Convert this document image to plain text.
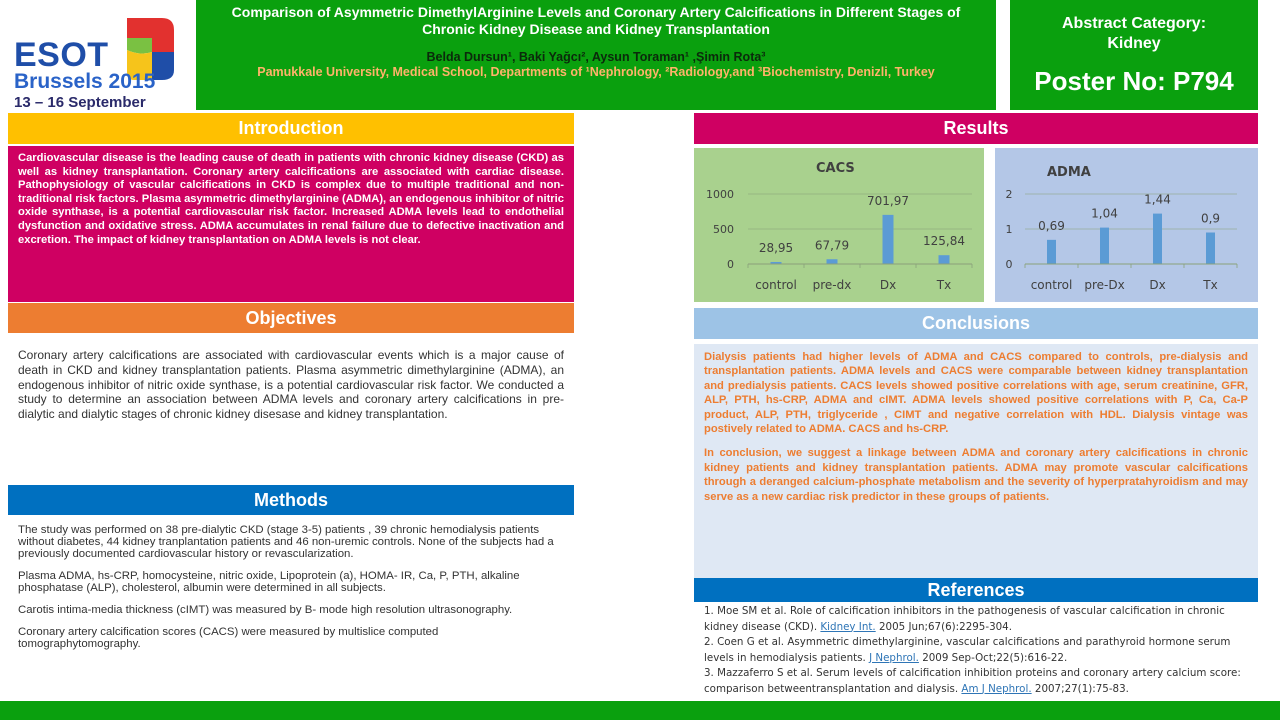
ESOT
Brussels 2015
13 – 16 September
Comparison of Asymmetric DimethylArginine Levels and Coronary Artery Calcifications in Different Stages of Chronic Kidney Disease and Kidney Transplantation
Belda Dursun¹, Baki Yağcı², Aysun Toraman¹ ,Şimin Rota³
Pamukkale University, Medical School, Departments of ¹Nephrology, ²Radiology,and ³Biochemistry, Denizli, Turkey
Abstract Category:
Kidney
Poster No: P794
Introduction
Cardiovascular disease is the leading cause of death in patients with chronic kidney disease (CKD) as well as kidney transplantation. Coronary artery calcifications are associated with cardiac disease. Pathophysiology of vascular calcifications in CKD is complex due to multiple traditional and non-traditional risk factors. Plasma asymmetric dimethylarginine (ADMA), an endogenous inhibitor of nitric oxide synthase, is a potential cardiovascular risk factor. Increased ADMA levels lead to endothelial dysfunction and oxidative stress. ADMA accumulates in renal failure due to defective inactivation and excretion. The impact of kidney transplantation on ADMA levels is not clear.
Objectives
Coronary artery calcifications are associated with cardiovascular events which is a major cause of death in CKD and kidney transplantation patients. Plasma asymmetric dimethylarginine (ADMA), an endogenous inhibitor of nitric oxide synthase, is a potential cardiovascular risk factor. We conducted a study to determine an association between ADMA levels and coronary artery calcifications in pre-dialytic and dialytic stages of chronic kidney disesase and kidney transplantation.
Methods

The study was performed on 38 pre-dialytic CKD (stage 3-5) patients , 39 chronic hemodialysis patients without diabetes, 44 kidney tranplantation patients and 46 non-uremic controls. None of the subjects had a previously documented cardiovascular history or revascularization.

Plasma ADMA, hs-CRP, homocysteine, nitric oxide, Lipoprotein (a), HOMA- IR, Ca, P, PTH, alkaline phosphatase (ALP), cholesterol, albumin were determined in all subjects.

Carotis intima-media thickness (cIMT) was measured by B- mode high resolution ultrasonography.

Coronary artery calcification scores (CACS) were measured by multislice computed tomographytomography.

Results
CACS
0
500
1000
28,95
control
67,79
pre-dx
701,97
Dx
125,84
Tx
ADMA
0
1
2
0,69
control
1,04
pre-Dx
1,44
Dx
0,9
Tx
Conclusions

Dialysis patients had higher levels of ADMA and CACS compared to controls, pre-dialysis and transplantation patients. ADMA levels and CACS were comparable between kidney transplantation and predialysis patients. CACS levels showed positive correlations with age, serum creatinine, GFR, ALP, PTH, hs-CRP, ADMA and cIMT. ADMA levels showed positive correlations with P, Ca, Ca-P product, ALP, PTH, triglyceride , CIMT and negative correlation with HDL. Dialysis vintage was postively related to ADMA. CACS and hs-CRP.

In conclusion, we suggest a linkage between ADMA and coronary artery calcifications in chronic kidney patients and kidney transplantation patients. ADMA may promote vascular calcifications through a deranged calcium-phosphate metabolism and the severity of hyperpratahyroidism and may serve as a new cardiac risk predictor in these groups of patients.

References
1. Moe SM et al. Role of calcification inhibitors in the pathogenesis of vascular calcification in chronic kidney disease (CKD). Kidney Int. 2005 Jun;67(6):2295-304.
2. Coen G et al. Asymmetric dimethylarginine, vascular calcifications and parathyroid hormone serum levels in hemodialysis patients. J Nephrol. 2009 Sep-Oct;22(5):616-22.
3. Mazzaferro S et al. Serum levels of calcification inhibition proteins and coronary artery calcium score: comparison betweentransplantation and dialysis. Am J Nephrol. 2007;27(1):75-83.
